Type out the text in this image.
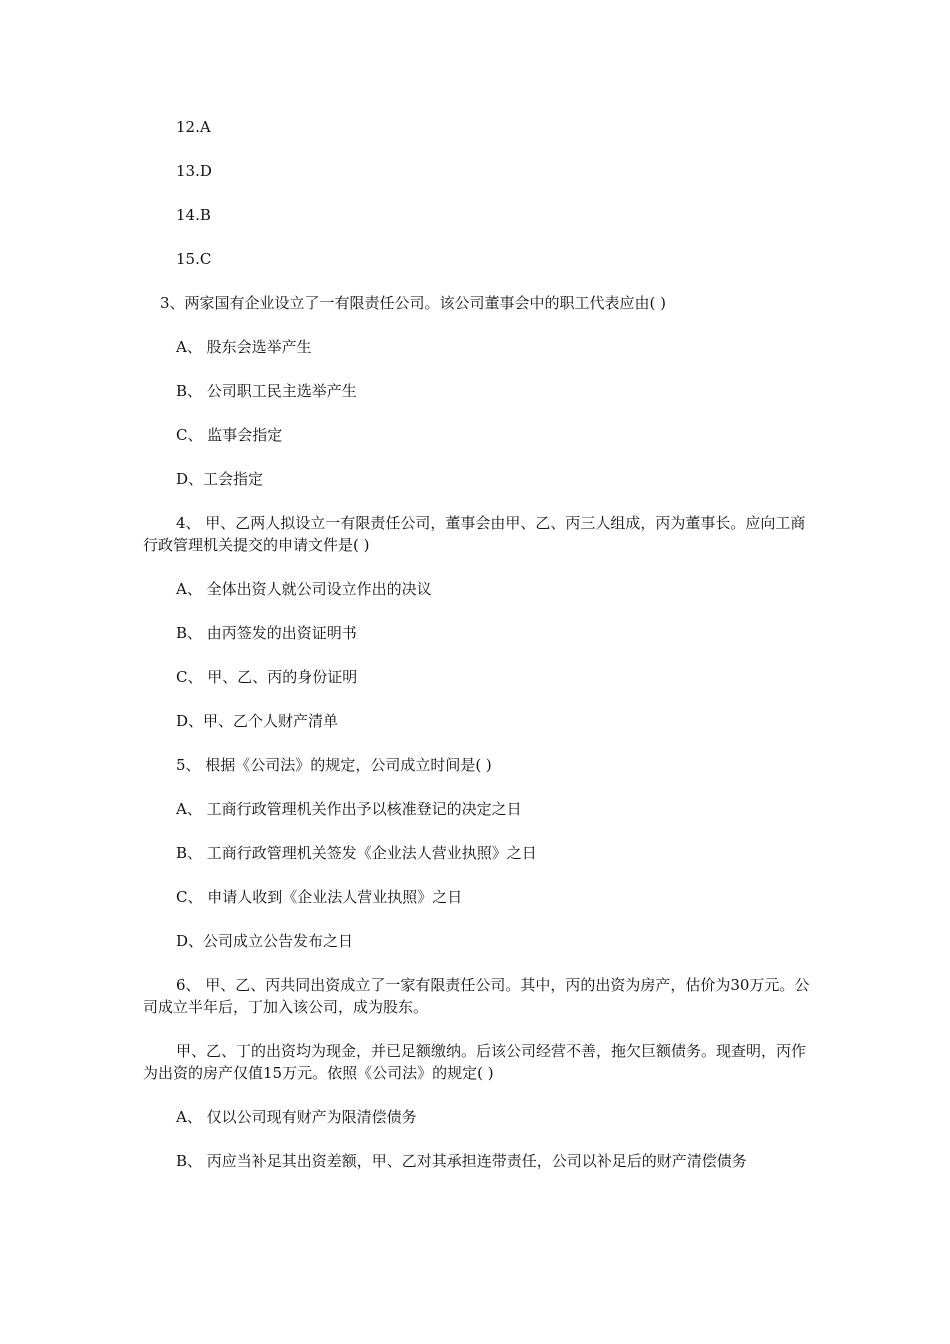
12.A
13.D
14.B
15.C
3、两家国有企业设立了一有限责任公司。该公司董事会中的职工代表应由( )
A、 股东会选举产生
B、 公司职工民主选举产生
C、 监事会指定
D、工会指定
4、 甲、乙两人拟设立一有限责任公司，董事会由甲、乙、丙三人组成，丙为董事长。应向工商行政管理机关提交的申请文件是( )
A、 全体出资人就公司设立作出的决议
B、 由丙签发的出资证明书
C、 甲、乙、丙的身份证明
D、甲、乙个人财产清单
5、 根据《公司法》的规定，公司成立时间是( )
A、 工商行政管理机关作出予以核准登记的决定之日
B、 工商行政管理机关签发《企业法人营业执照》之日
C、 申请人收到《企业法人营业执照》之日
D、公司成立公告发布之日
6、 甲、乙、丙共同出资成立了一家有限责任公司。其中，丙的出资为房产，估价为30万元。公司成立半年后，丁加入该公司，成为股东。
甲、乙、丁的出资均为现金，并已足额缴纳。后该公司经营不善，拖欠巨额债务。现查明，丙作为出资的房产仅值15万元。依照《公司法》的规定( )
A、 仅以公司现有财产为限清偿债务
B、 丙应当补足其出资差额，甲、乙对其承担连带责任，公司以补足后的财产清偿债务
